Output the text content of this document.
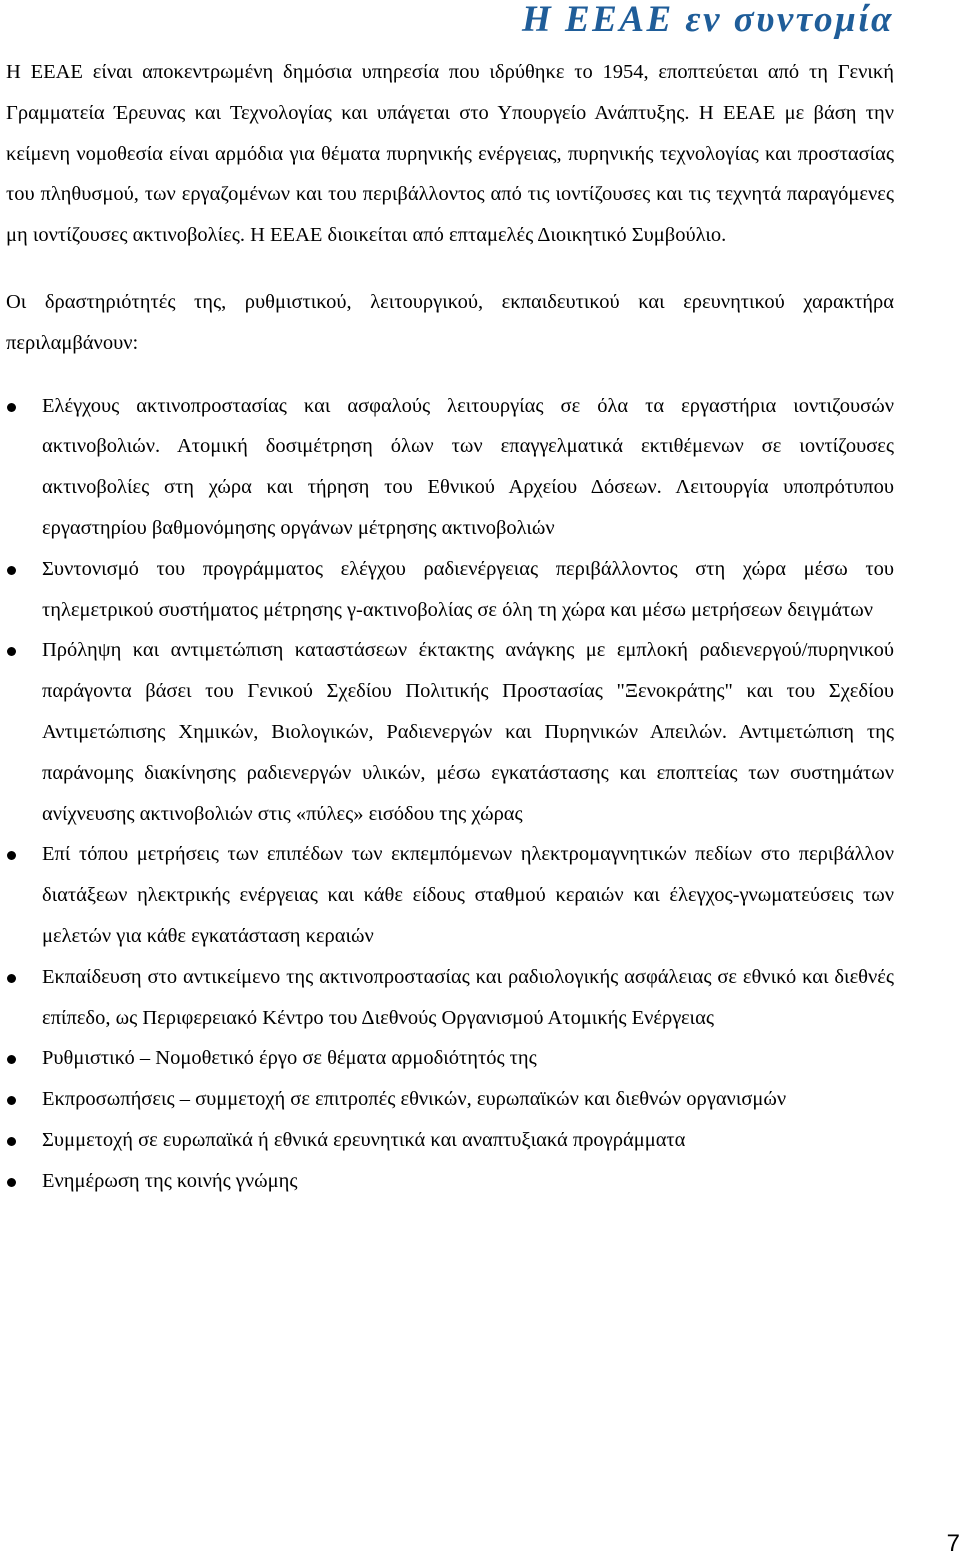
Η ΕΕΑΕ εν συντομία

Η ΕΕΑΕ είναι αποκεντρωμένη δημόσια υπηρεσία που ιδρύθηκε το 1954, εποπτεύεται από τη Γενική Γραμματεία Έρευνας και Τεχνολογίας και υπάγεται στο Υπουργείο Ανάπτυξης. Η ΕΕΑΕ με βάση την κείμενη νομοθεσία είναι αρμόδια για θέματα πυρηνικής ενέργειας, πυρηνικής τεχνολογίας και προστασίας του πληθυσμού, των εργαζομένων και του περιβάλλοντος από τις ιοντίζουσες και τις τεχνητά παραγόμενες μη ιοντίζουσες ακτινοβολίες. Η ΕΕΑΕ διοικείται από επταμελές Διοικητικό Συμβούλιο.

Οι δραστηριότητές της, ρυθμιστικού, λειτουργικού, εκπαιδευτικού και ερευνητικού χαρακτήρα περιλαμβάνουν:

Ελέγχους ακτινοπροστασίας και ασφαλούς λειτουργίας σε όλα τα εργαστήρια ιοντιζουσών ακτινοβολιών. Ατομική δοσιμέτρηση όλων των επαγγελματικά εκτιθέμενων σε ιοντίζουσες ακτινοβολίες στη χώρα και τήρηση του Εθνικού Αρχείου Δόσεων. Λειτουργία υποπρότυπου εργαστηρίου βαθμονόμησης οργάνων μέτρησης ακτινοβολιών
Συντονισμό του προγράμματος ελέγχου ραδιενέργειας περιβάλλοντος στη χώρα μέσω του τηλεμετρικού συστήματος μέτρησης γ-ακτινοβολίας σε όλη τη χώρα και μέσω μετρήσεων δειγμάτων
Πρόληψη και αντιμετώπιση καταστάσεων έκτακτης ανάγκης με εμπλοκή ραδιενεργού/πυρηνικού παράγοντα βάσει του Γενικού Σχεδίου Πολιτικής Προστασίας "Ξενοκράτης" και του Σχεδίου Αντιμετώπισης Χημικών, Βιολογικών, Ραδιενεργών και Πυρηνικών Απειλών. Αντιμετώπιση της παράνομης διακίνησης ραδιενεργών υλικών, μέσω εγκατάστασης και εποπτείας των συστημάτων ανίχνευσης ακτινοβολιών στις «πύλες» εισόδου της χώρας
Επί τόπου μετρήσεις των επιπέδων των εκπεμπόμενων ηλεκτρομαγνητικών πεδίων στο περιβάλλον διατάξεων ηλεκτρικής ενέργειας και κάθε είδους σταθμού κεραιών και έλεγχος-γνωματεύσεις των μελετών για κάθε εγκατάσταση κεραιών
Εκπαίδευση στο αντικείμενο της ακτινοπροστασίας και ραδιολογικής ασφάλειας σε εθνικό και διεθνές επίπεδο, ως Περιφερειακό Κέντρο του Διεθνούς Οργανισμού Ατομικής Ενέργειας
Ρυθμιστικό – Νομοθετικό έργο σε θέματα αρμοδιότητός της
Εκπροσωπήσεις – συμμετοχή σε επιτροπές εθνικών, ευρωπαϊκών και διεθνών οργανισμών
Συμμετοχή σε ευρωπαϊκά ή εθνικά ερευνητικά και αναπτυξιακά προγράμματα
Ενημέρωση της κοινής γνώμης
7
